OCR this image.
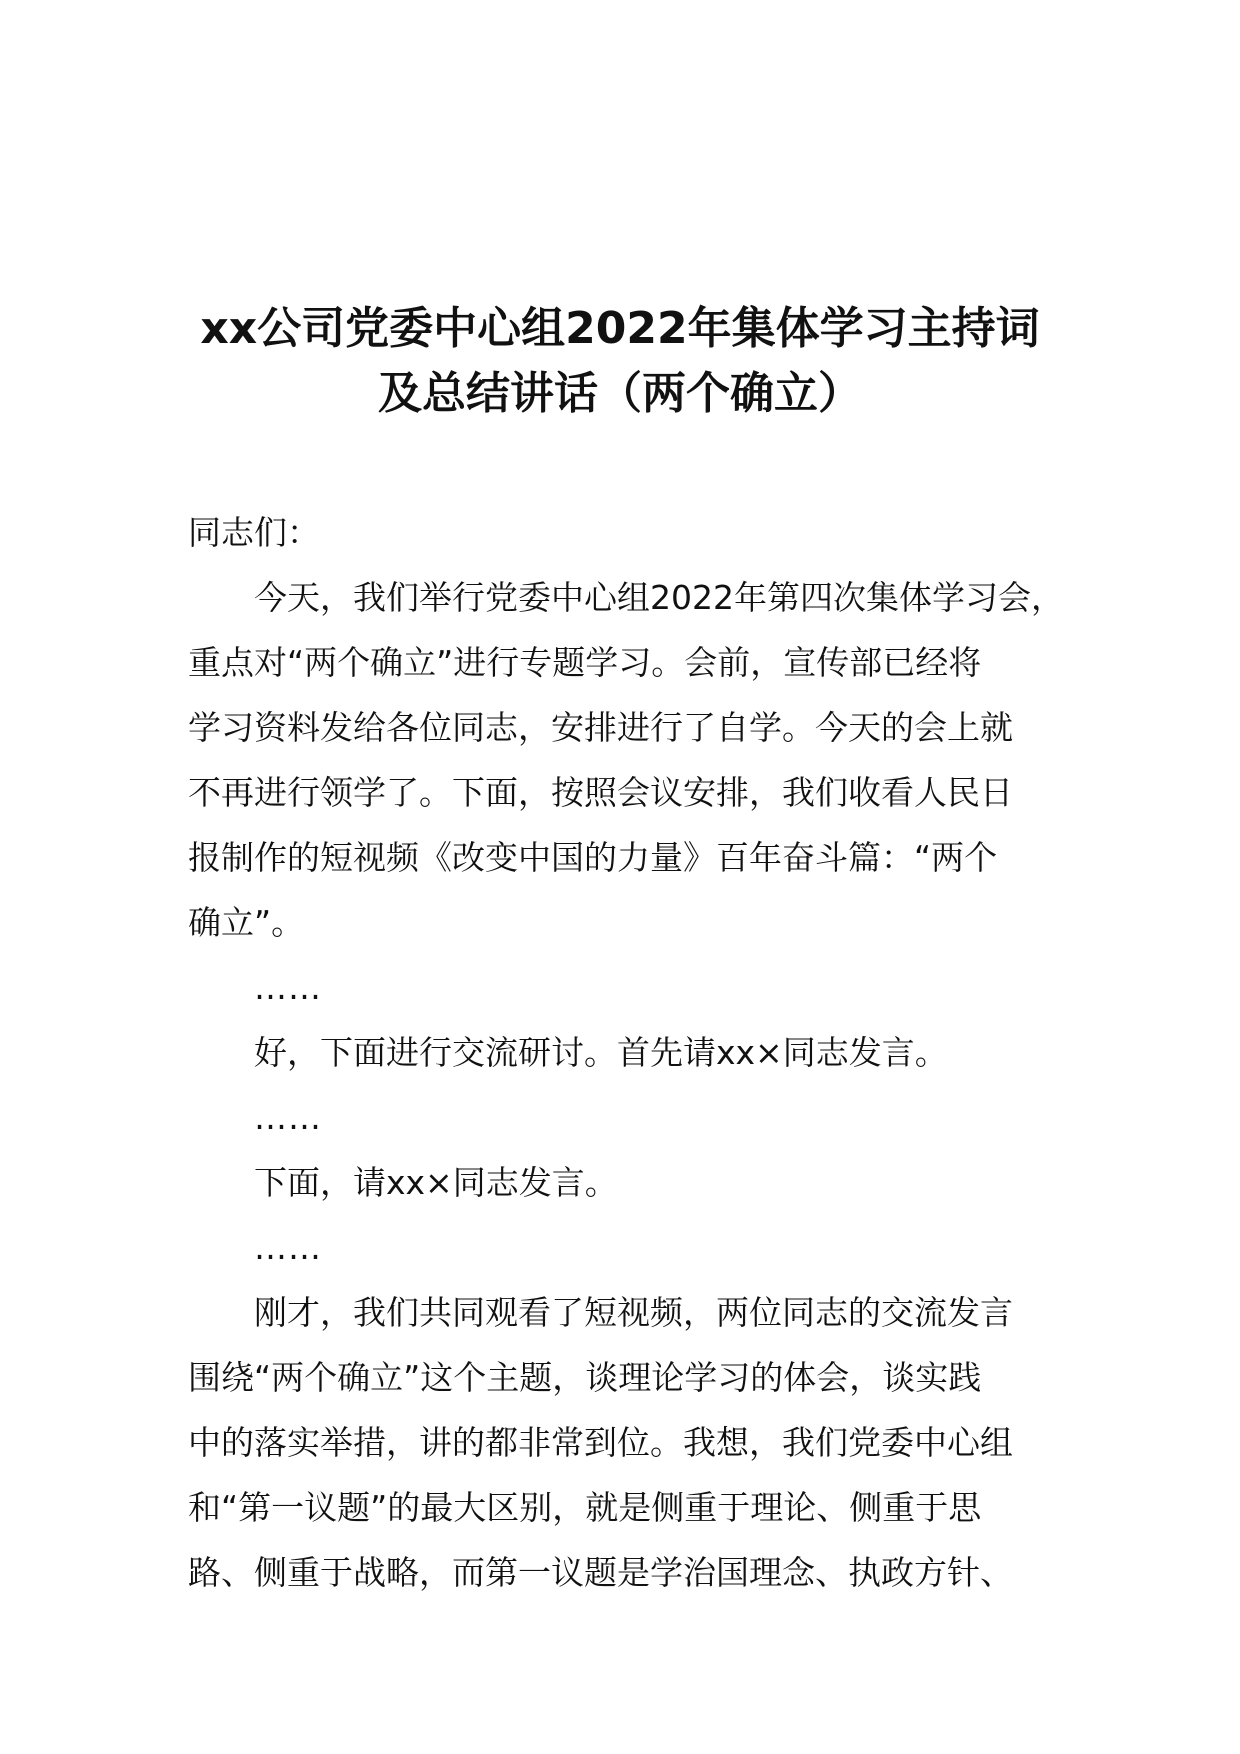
xx公司党委中心组2022年集体学习主持词
及总结讲话（两个确立）

同志们：

今天，我们举行党委中心组2022年第四次集体学习会，

重点对“两个确立”进行专题学习。会前，宣传部已经将

学习资料发给各位同志，安排进行了自学。今天的会上就

不再进行领学了。下面，按照会议安排，我们收看人民日

报制作的短视频《改变中国的力量》百年奋斗篇：“两个

确立”。

……

好，下面进行交流研讨。首先请xx×同志发言。

……

下面，请xx×同志发言。

……

刚才，我们共同观看了短视频，两位同志的交流发言

围绕“两个确立”这个主题，谈理论学习的体会，谈实践

中的落实举措，讲的都非常到位。我想，我们党委中心组

和“第一议题”的最大区别，就是侧重于理论、侧重于思

路、侧重于战略，而第一议题是学治国理念、执政方针、
